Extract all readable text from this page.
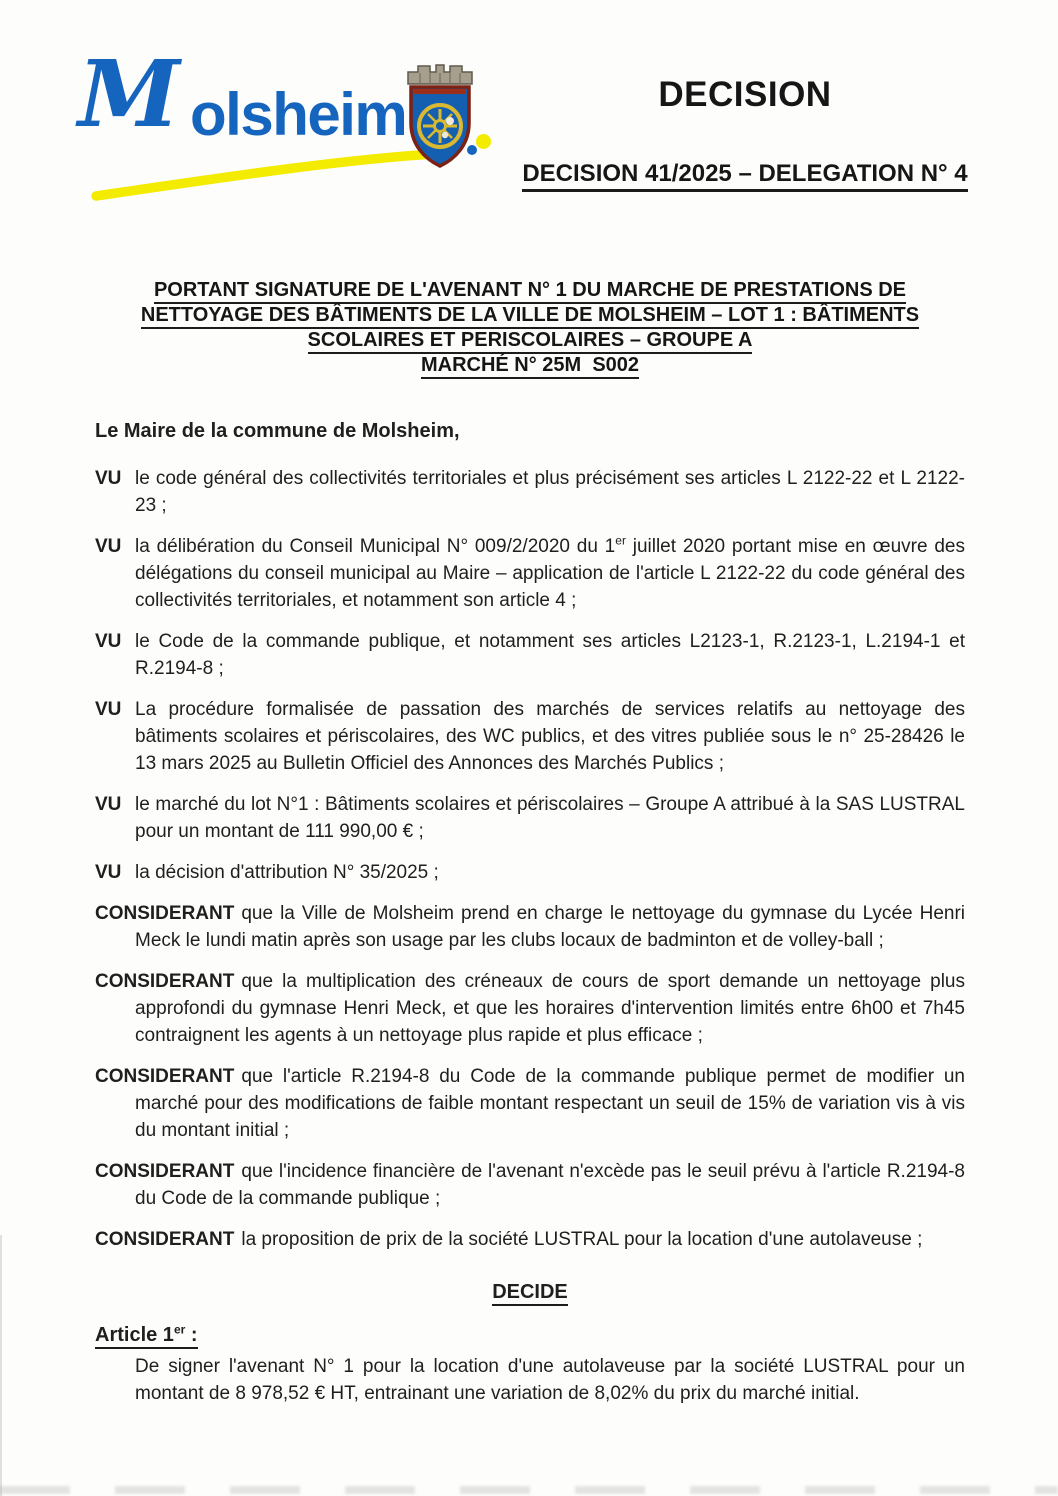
M olsheim	DECISION
DECISION 41/2025 – DELEGATION N° 4
PORTANT SIGNATURE DE L'AVENANT N° 1 DU MARCHE DE PRESTATIONS DE
NETTOYAGE DES BÂTIMENTS DE LA VILLE DE MOLSHEIM – LOT 1 : BÂTIMENTS
SCOLAIRES ET PERISCOLAIRES – GROUPE A
MARCHÉ N° 25M  S002

Le Maire de la commune de Molsheim,

VU le code général des collectivités territoriales et plus précisément ses articles L 2122-22 et L 2122-23 ;
VU la délibération du Conseil Municipal N° 009/2/2020 du 1er juillet 2020 portant mise en œuvre des délégations du conseil municipal au Maire – application de l'article L 2122-22 du code général des collectivités territoriales, et notamment son article 4 ;
VU le Code de la commande publique, et notamment ses articles L2123-1, R.2123-1, L.2194-1 et R.2194-8 ;
VU La procédure formalisée de passation des marchés de services relatifs au nettoyage des bâtiments scolaires et périscolaires, des WC publics, et des vitres publiée sous le n° 25-28426 le 13 mars 2025 au Bulletin Officiel des Annonces des Marchés Publics ;
VU le marché du lot N°1 : Bâtiments scolaires et périscolaires – Groupe A attribué à la SAS LUSTRAL pour un montant de 111 990,00 € ;
VU la décision d'attribution N° 35/2025 ;
CONSIDERANT que la Ville de Molsheim prend en charge le nettoyage du gymnase du Lycée Henri Meck le lundi matin après son usage par les clubs locaux de badminton et de volley-ball ;
CONSIDERANT que la multiplication des créneaux de cours de sport demande un nettoyage plus approfondi du gymnase Henri Meck, et que les horaires d'intervention limités entre 6h00 et 7h45 contraignent les agents à un nettoyage plus rapide et plus efficace ;
CONSIDERANT que l'article R.2194-8 du Code de la commande publique permet de modifier un marché pour des modifications de faible montant respectant un seuil de 15% de variation vis à vis du montant initial ;
CONSIDERANT que l'incidence financière de l'avenant n'excède pas le seuil prévu à l'article R.2194-8 du Code de la commande publique ;
CONSIDERANT la proposition de prix de la société LUSTRAL pour la location d'une autolaveuse ;
DECIDE

Article 1er :

De signer l'avenant N° 1 pour la location d'une autolaveuse par la société LUSTRAL pour un montant de 8 978,52 € HT, entrainant une variation de 8,02% du prix du marché initial.
